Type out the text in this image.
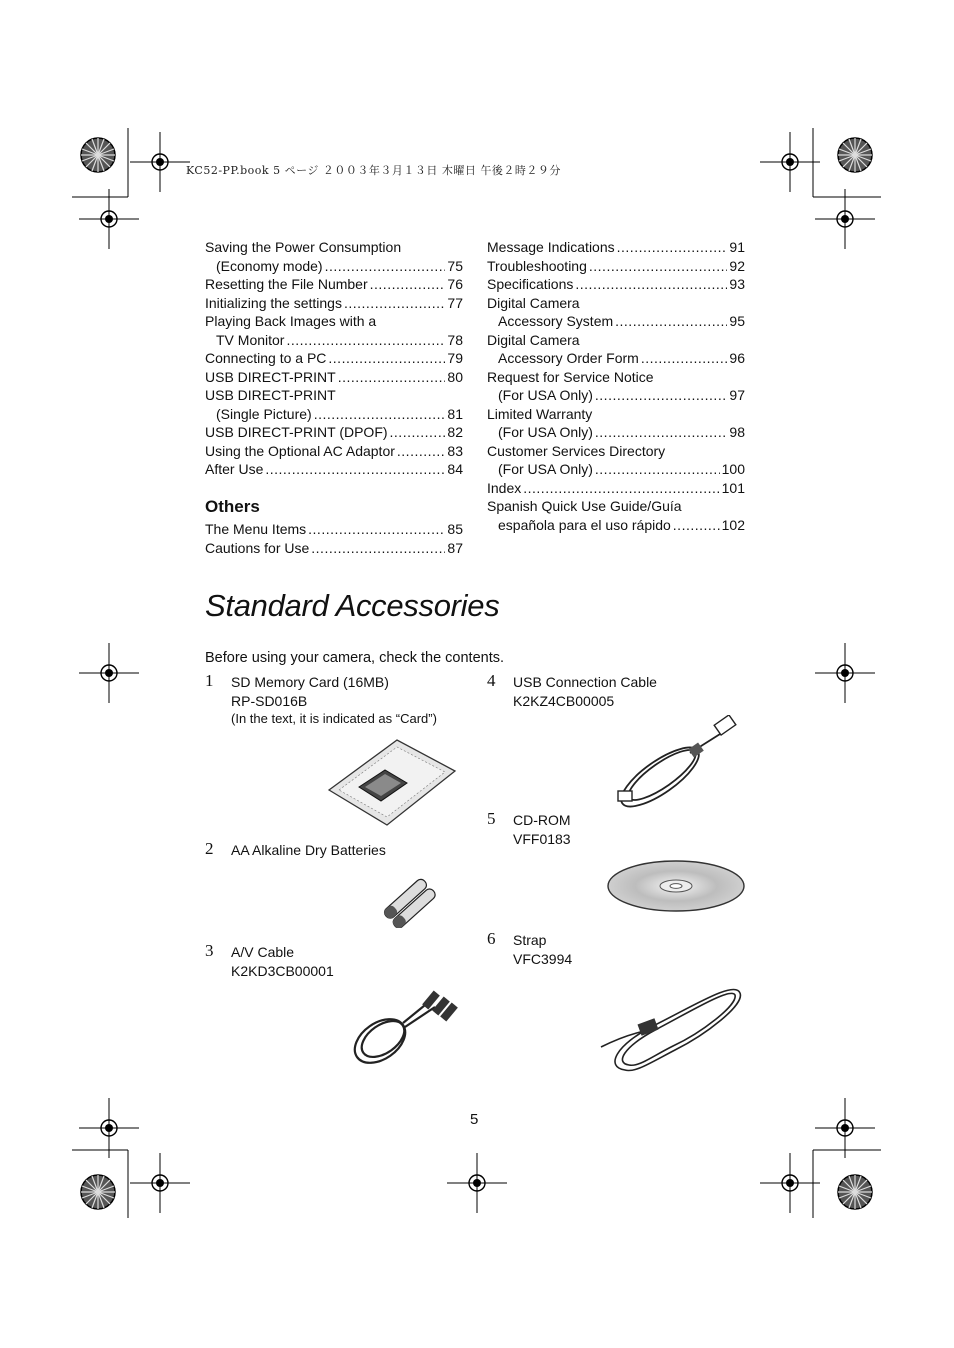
KC52-PP.book 5 ページ ２００３年３月１３日 木曜日 午後２時２９分
Saving the Power Consumption
(Economy mode) .....	75
Resetting the File Number .....	76
Initializing the settings .....	77
Playing Back Images with a
TV Monitor .....	78
Connecting to a PC .....	79
USB DIRECT-PRINT .....	80
USB DIRECT-PRINT
(Single Picture) .....	81
USB DIRECT-PRINT (DPOF) .....	82
Using the Optional AC Adaptor .....	83
After Use .....	84
Others
The Menu Items .....	85
Cautions for Use .....	87
Message Indications .....	91
Troubleshooting .....	92
Specifications .....	93
Digital Camera
Accessory System .....	95
Digital Camera
Accessory Order Form .....	96
Request for Service Notice
(For USA Only) .....	97
Limited Warranty
(For USA Only) .....	98
Customer Services Directory
(For USA Only) .....	100
Index .....	101
Spanish Quick Use Guide/Guía
española para el uso rápido .....	102
Standard Accessories
Before using your camera, check the contents.
1 SD Memory Card (16MB)
RP-SD016B
(In the text, it is indicated as “Card”)
2 AA Alkaline Dry Batteries
3 A/V Cable
K2KD3CB00001
4 USB Connection Cable
K2KZ4CB00005
5 CD-ROM
VFF0183
6 Strap
VFC3994
5
